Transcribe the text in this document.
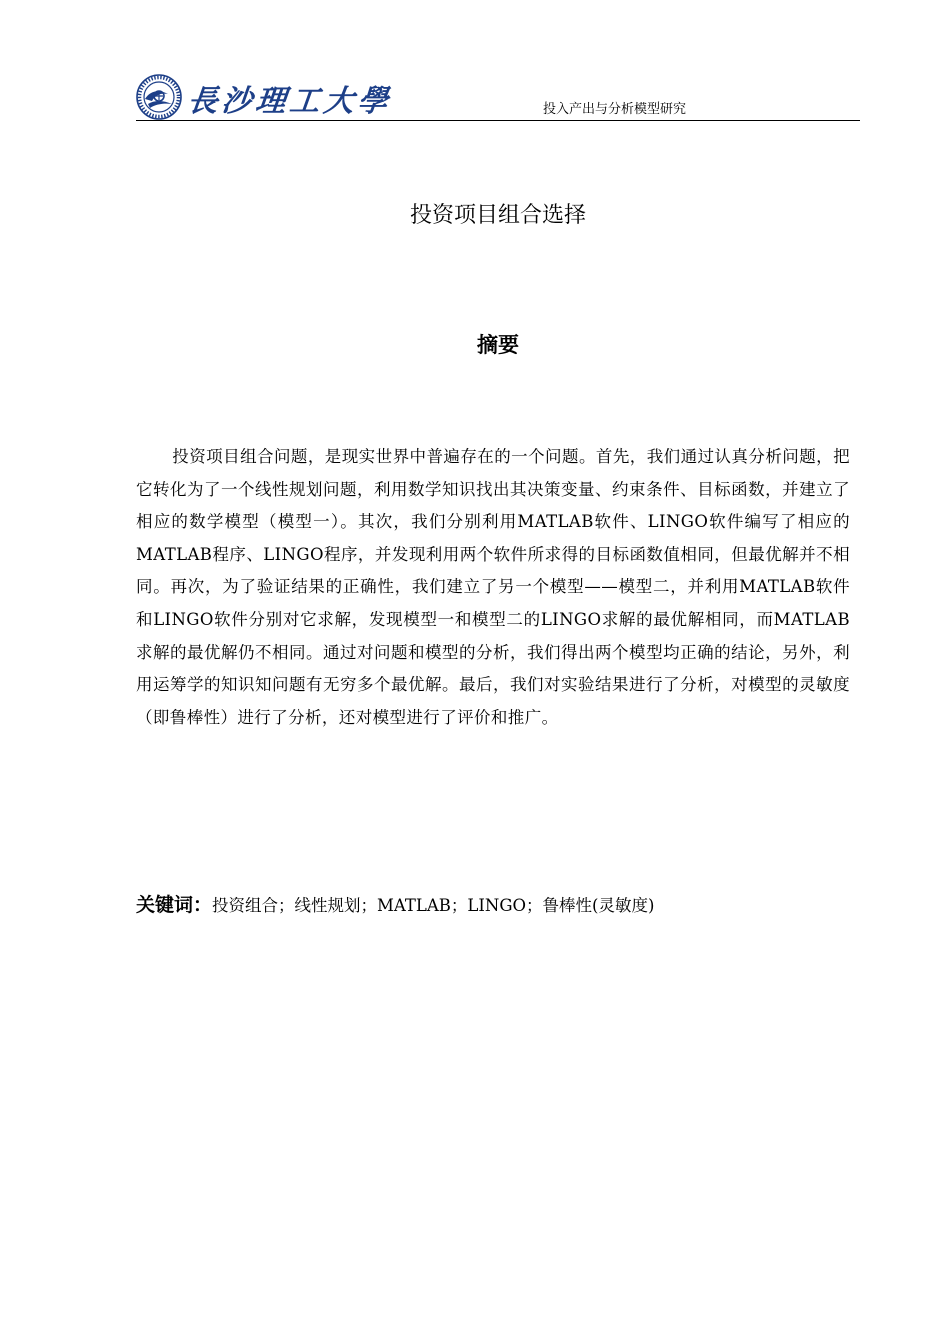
長沙理工大學	投入产出与分析模型研究
投资项目组合选择
摘要

投资项目组合问题，是现实世界中普遍存在的一个问题。首先，我们通过认真分析问题，把它转化为了一个线性规划问题，利用数学知识找出其决策变量、约束条件、目标函数，并建立了相应的数学模型（模型一）。其次，我们分别利用MATLAB软件、LINGO软件编写了相应的MATLAB程序、LINGO程序，并发现利用两个软件所求得的目标函数值相同，但最优解并不相同。再次，为了验证结果的正确性，我们建立了另一个模型——模型二，并利用MATLAB软件和LINGO软件分别对它求解，发现模型一和模型二的LINGO求解的最优解相同，而MATLAB求解的最优解仍不相同。通过对问题和模型的分析，我们得出两个模型均正确的结论，另外，利用运筹学的知识知问题有无穷多个最优解。最后，我们对实验结果进行了分析，对模型的灵敏度（即鲁棒性）进行了分析，还对模型进行了评价和推广。

关键词：投资组合；线性规划；MATLAB；LINGO；鲁棒性(灵敏度)
